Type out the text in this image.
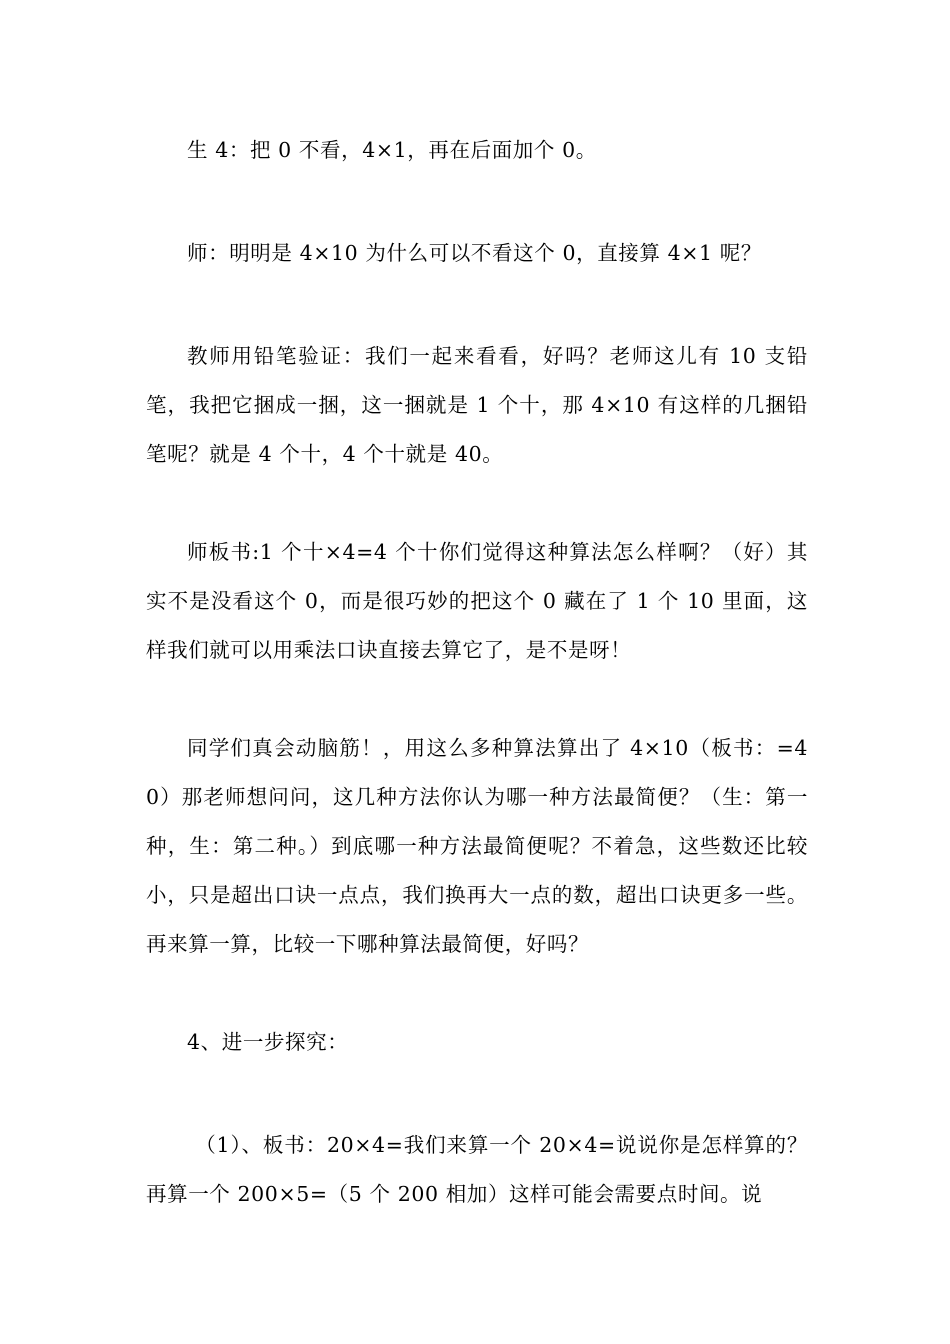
生 4：把 0 不看，4×1，再在后面加个 0。

师：明明是 4×10 为什么可以不看这个 0，直接算 4×1 呢？

教师用铅笔验证：我们一起来看看，好吗？老师这儿有 10 支铅笔，我把它捆成一捆，这一捆就是 1 个十，那 4×10 有这样的几捆铅笔呢？就是 4 个十，4 个十就是 40。

师板书:1 个十×4=4 个十你们觉得这种算法怎么样啊？（好）其实不是没看这个 0，而是很巧妙的把这个 0 藏在了 1 个 10 里面，这样我们就可以用乘法口诀直接去算它了，是不是呀！

同学们真会动脑筋！，用这么多种算法算出了 4×10（板书：=40）那老师想问问，这几种方法你认为哪一种方法最简便？（生：第一种，生：第二种。）到底哪一种方法最简便呢？不着急，这些数还比较小，只是超出口诀一点点，我们换再大一点的数，超出口诀更多一些。再来算一算，比较一下哪种算法最简便，好吗？

4、进一步探究：

（1）、板书：20×4=我们来算一个 20×4=说说你是怎样算的？再算一个 200×5=（5 个 200 相加）这样可能会需要点时间。说
